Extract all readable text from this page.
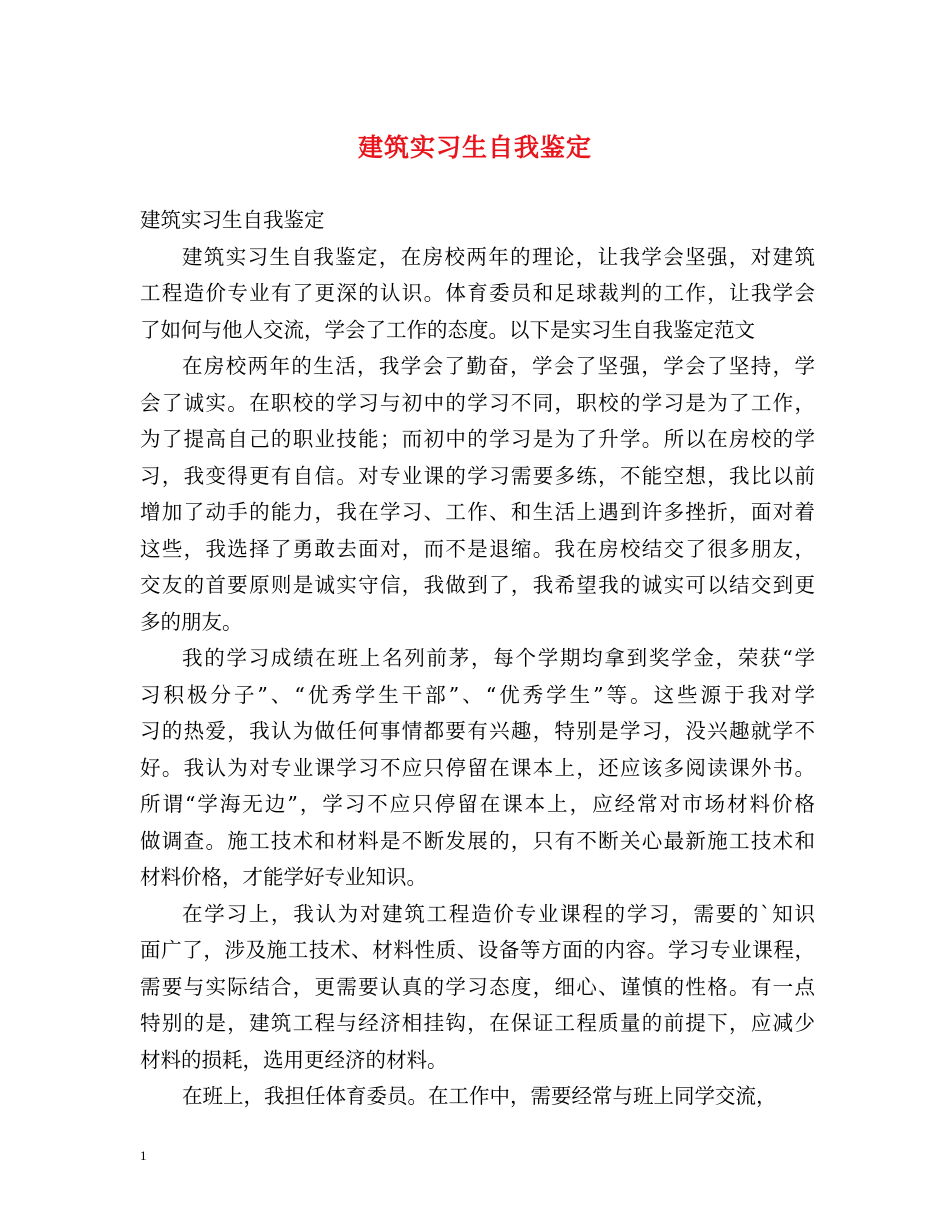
建筑实习生自我鉴定
建筑实习生自我鉴定
建筑实习生自我鉴定，在房校两年的理论，让我学会坚强，对建筑
工程造价专业有了更深的认识。体育委员和足球裁判的工作，让我学会
了如何与他人交流，学会了工作的态度。以下是实习生自我鉴定范文
在房校两年的生活，我学会了勤奋，学会了坚强，学会了坚持，学
会了诚实。在职校的学习与初中的学习不同，职校的学习是为了工作，
为了提高自己的职业技能；而初中的学习是为了升学。所以在房校的学
习，我变得更有自信。对专业课的学习需要多练，不能空想，我比以前
增加了动手的能力，我在学习、工作、和生活上遇到许多挫折，面对着
这些，我选择了勇敢去面对，而不是退缩。我在房校结交了很多朋友，
交友的首要原则是诚实守信，我做到了，我希望我的诚实可以结交到更
多的朋友。
我的学习成绩在班上名列前茅，每个学期均拿到奖学金，荣获“学
习积极分子”、“优秀学生干部”、“优秀学生”等。这些源于我对学
习的热爱，我认为做任何事情都要有兴趣，特别是学习，没兴趣就学不
好。我认为对专业课学习不应只停留在课本上，还应该多阅读课外书。
所谓“学海无边”，学习不应只停留在课本上，应经常对市场材料价格
做调查。施工技术和材料是不断发展的，只有不断关心最新施工技术和
材料价格，才能学好专业知识。
在学习上，我认为对建筑工程造价专业课程的学习，需要的`知识
面广了，涉及施工技术、材料性质、设备等方面的内容。学习专业课程，
需要与实际结合，更需要认真的学习态度，细心、谨慎的性格。有一点
特别的是，建筑工程与经济相挂钩，在保证工程质量的前提下，应减少
材料的损耗，选用更经济的材料。
在班上，我担任体育委员。在工作中，需要经常与班上同学交流，
1
